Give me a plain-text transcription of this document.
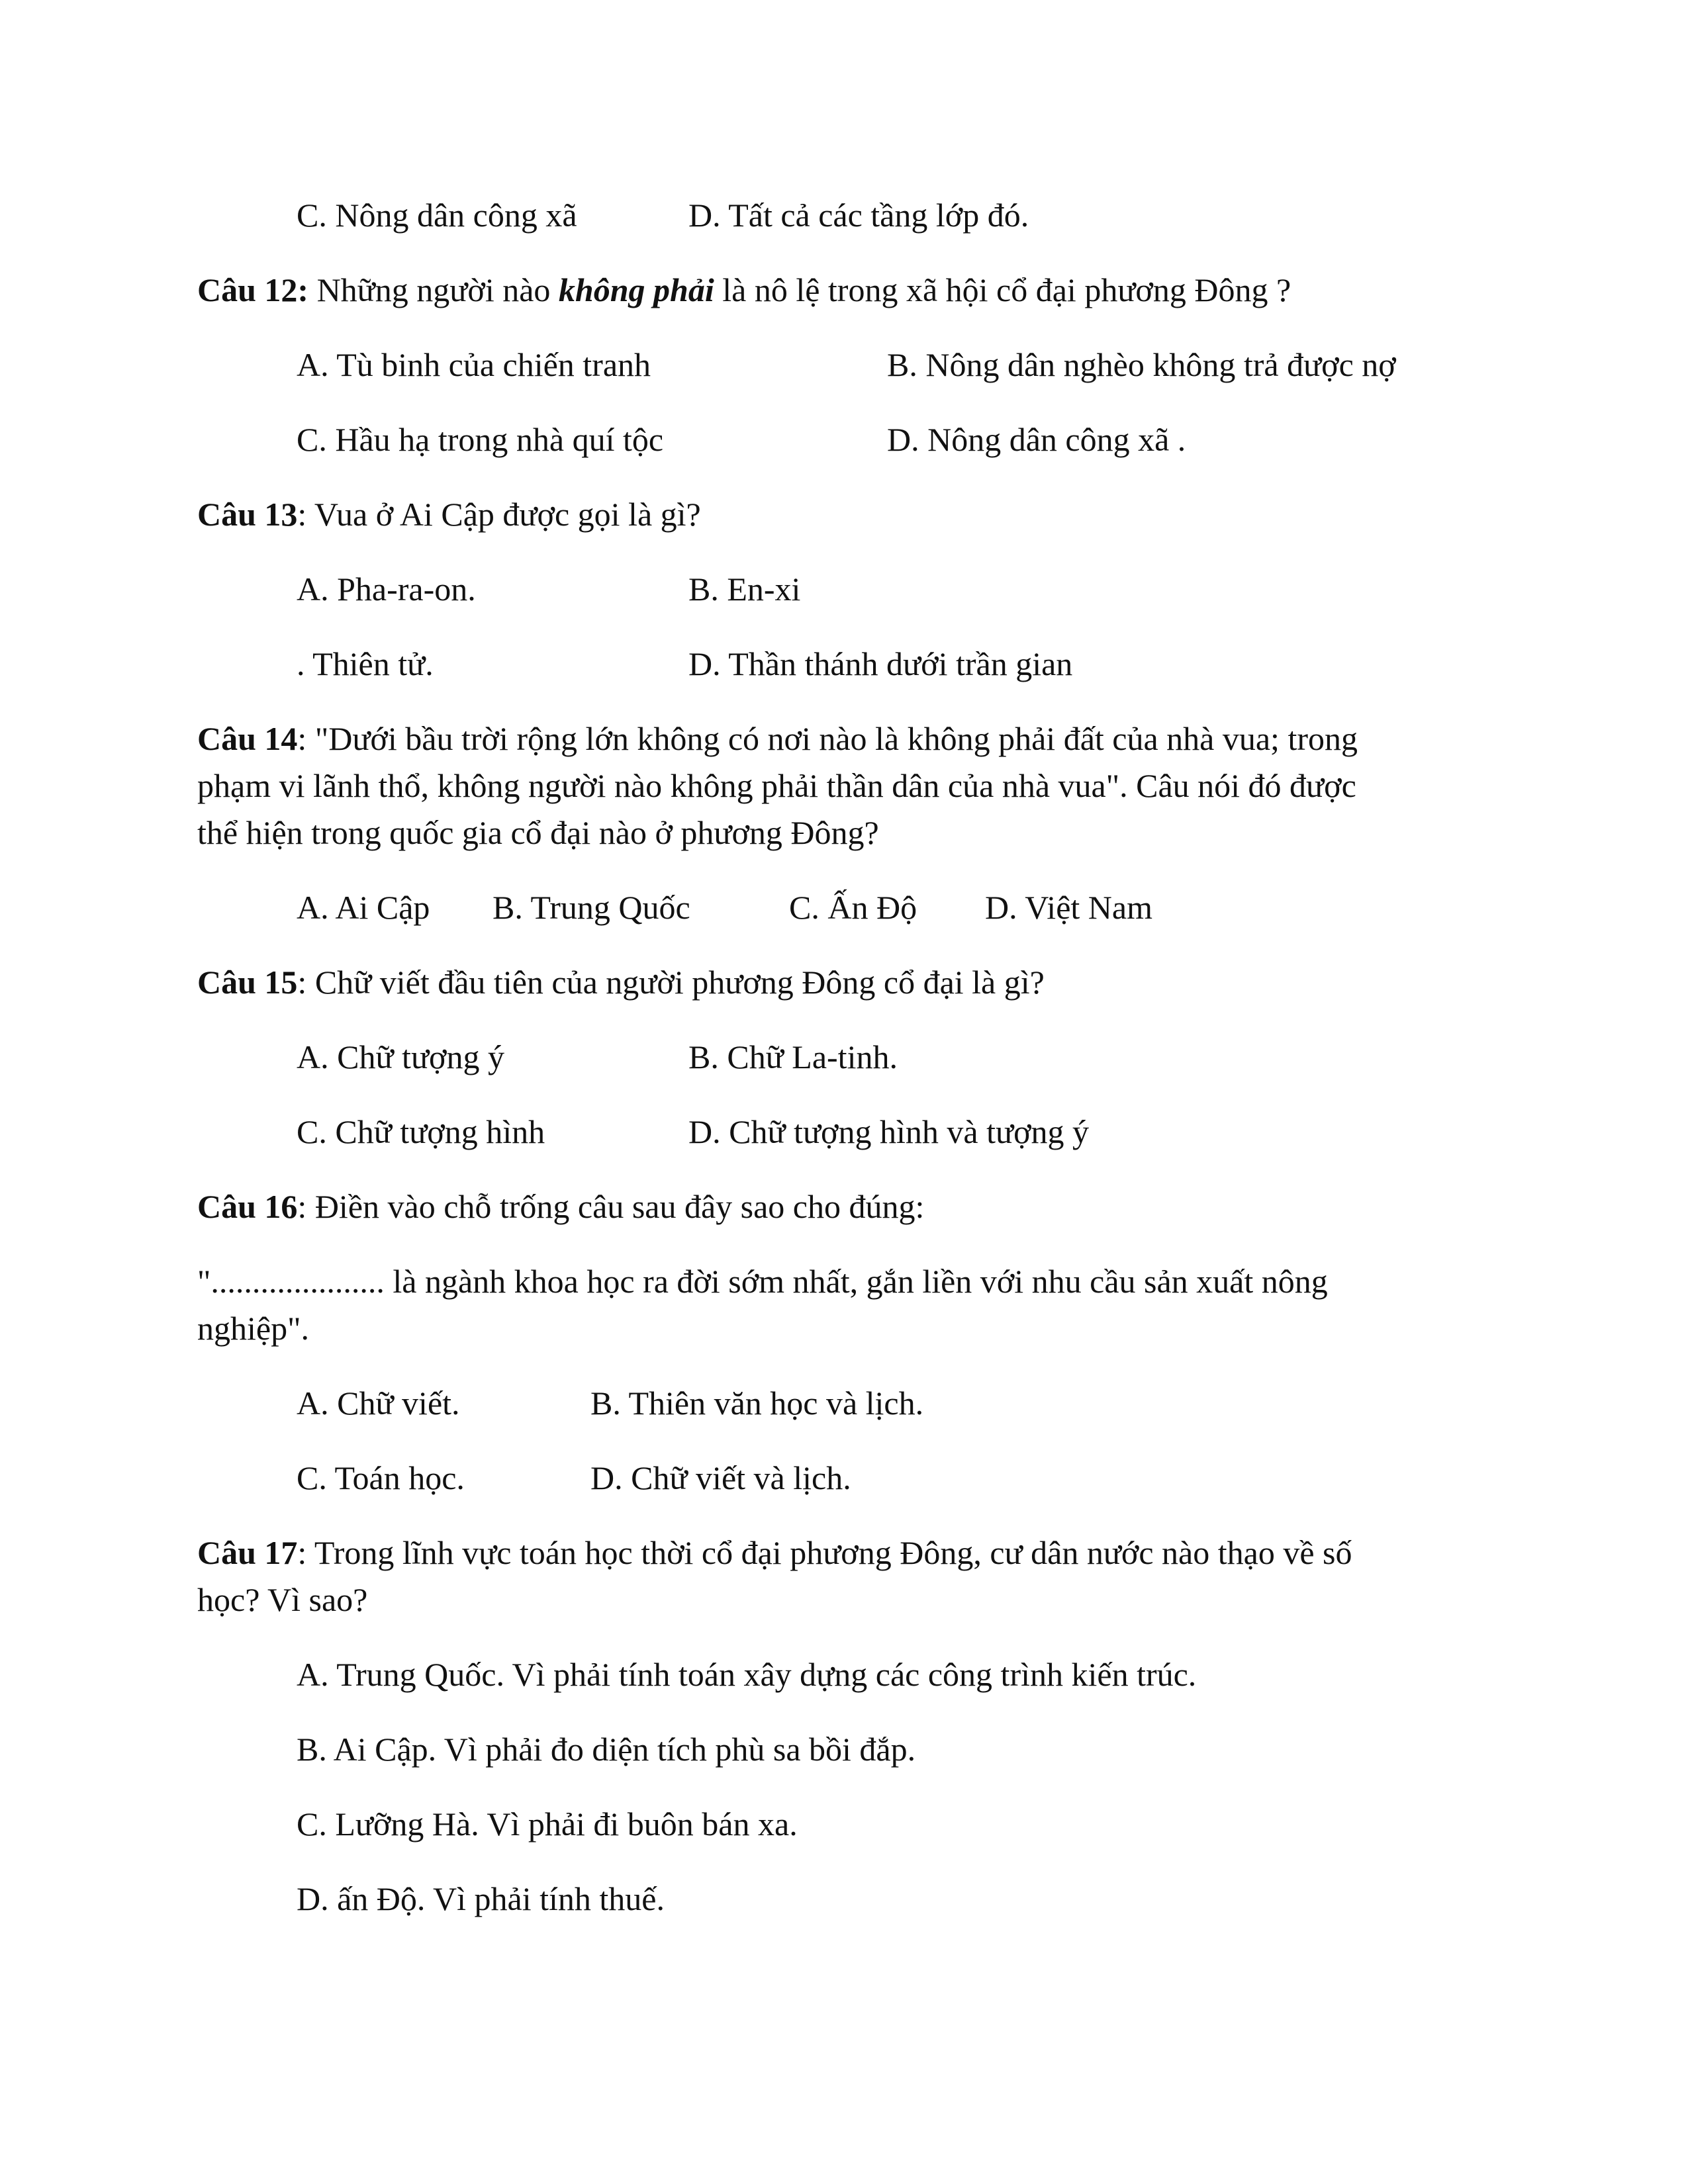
C. Nông dân công xã	D. Tất cả các tầng lớp đó.
Câu 12: Những người nào không phải là nô lệ trong xã hội cổ đại phương Đông ?
A. Tù binh của chiến tranh	B. Nông dân nghèo không trả được nợ
C. Hầu hạ trong nhà quí tộc	D. Nông dân công xã .
Câu 13: Vua ở Ai Cập được gọi là gì?
A. Pha-ra-on.	B. En-xi
. Thiên tử.	D. Thần thánh dưới trần gian
Câu 14: "Dưới bầu trời rộng lớn không có nơi nào là không phải đất của nhà vua; trong
phạm vi lãnh thổ, không người nào không phải thần dân của nhà vua". Câu nói đó được
thể hiện trong quốc gia cổ đại nào ở phương Đông?
A. Ai Cập B. Trung Quốc	C. Ấn Độ D. Việt Nam
Câu 15: Chữ viết đầu tiên của người phương Đông cổ đại là gì?
A. Chữ tượng ý	B. Chữ La-tinh.
C. Chữ tượng hình	D. Chữ tượng hình và tượng ý
Câu 16: Điền vào chỗ trống câu sau đây sao cho đúng:
"..................... là ngành khoa học ra đời sớm nhất, gắn liền với nhu cầu sản xuất nông
nghiệp".
A. Chữ viết.	B. Thiên văn học và lịch.
C. Toán học.	D. Chữ viết và lịch.
Câu 17: Trong lĩnh vực toán học thời cổ đại phương Đông, cư dân nước nào thạo về số
học? Vì sao?
A. Trung Quốc. Vì phải tính toán xây dựng các công trình kiến trúc.
B. Ai Cập. Vì phải đo diện tích phù sa bồi đắp.
C. Lưỡng Hà. Vì phải đi buôn bán xa.
D. ấn Độ. Vì phải tính thuế.
